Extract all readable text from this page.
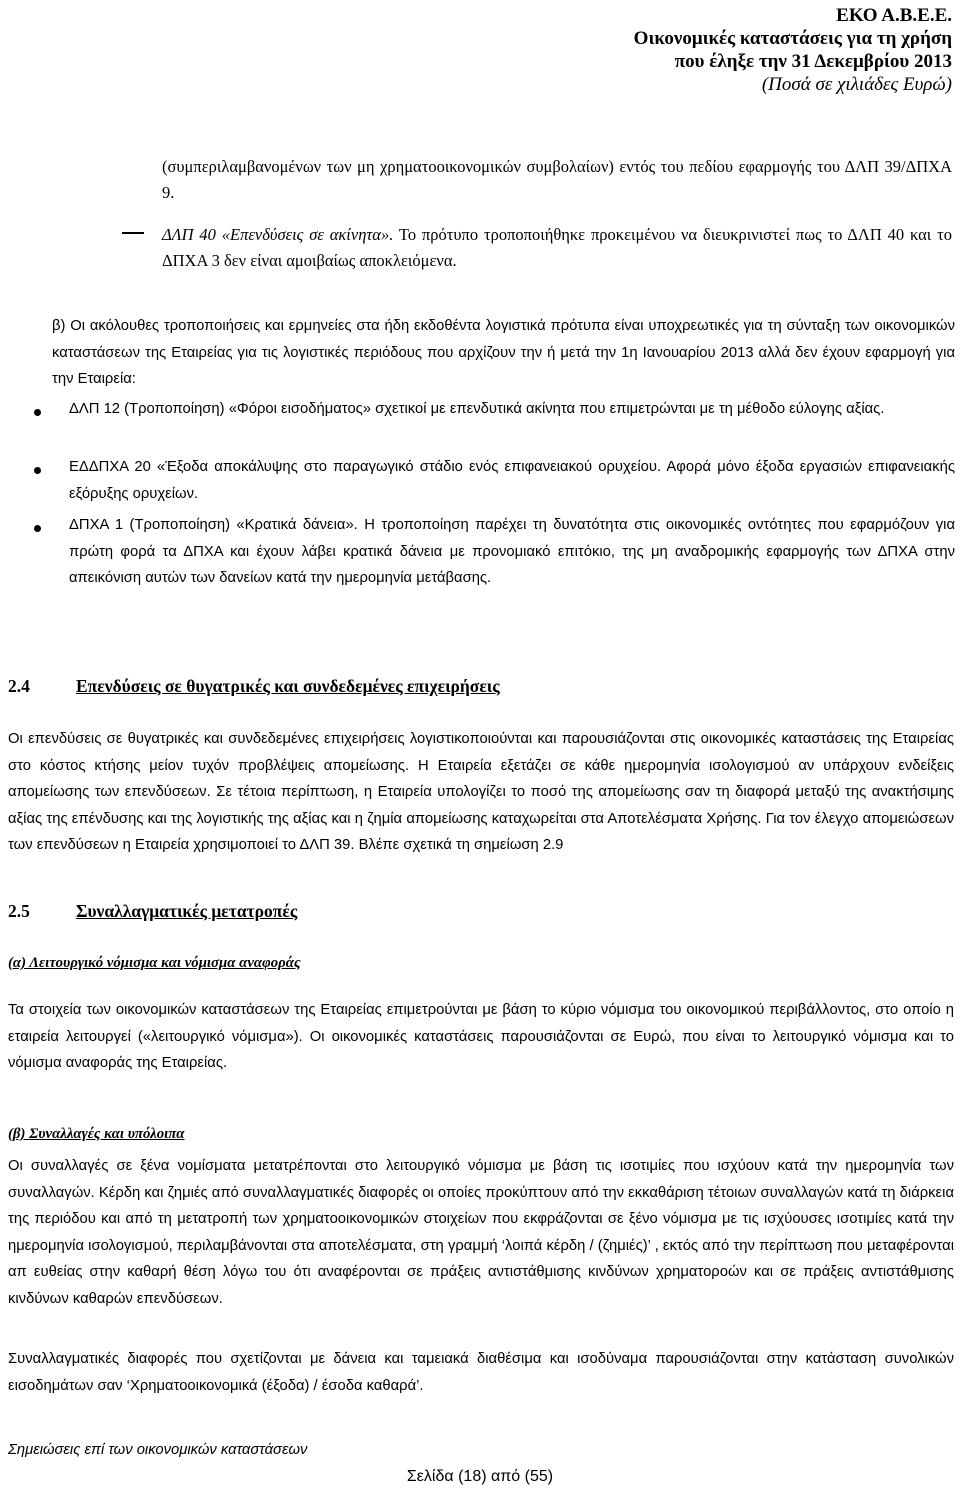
ΕΚΟ Α.Β.Ε.Ε.
Οικονομικές καταστάσεις για τη χρήση
που έληξε την 31 Δεκεμβρίου 2013
(Ποσά σε χιλιάδες Ευρώ)

(συμπεριλαμβανομένων των μη χρηματοοικονομικών συμβολαίων) εντός του πεδίου εφαρμογής του ΔΛΠ 39/ΔΠΧΑ 9.

ΔΛΠ 40 «Επενδύσεις σε ακίνητα». Το πρότυπο τροποποιήθηκε προκειμένου να διευκρινιστεί πως το ΔΛΠ 40 και το ΔΠΧΑ 3 δεν είναι αμοιβαίως αποκλειόμενα.

β) Οι ακόλουθες τροποποιήσεις και ερμηνείες στα ήδη εκδοθέντα λογιστικά πρότυπα είναι υποχρεωτικές για τη σύνταξη των οικονομικών καταστάσεων της Εταιρείας για τις λογιστικές περιόδους που αρχίζουν την ή μετά την 1η Ιανουαρίου 2013 αλλά δεν έχουν εφαρμογή για την Εταιρεία:

ΔΛΠ 12 (Τροποποίηση) «Φόροι εισοδήματος» σχετικοί με επενδυτικά ακίνητα που επιμετρώνται με τη μέθοδο εύλογης αξίας.

ΕΔΔΠΧΑ 20 «Έξοδα αποκάλυψης στο παραγωγικό στάδιο ενός επιφανειακού ορυχείου. Αφορά μόνο έξοδα εργασιών επιφανειακής εξόρυξης ορυχείων.

ΔΠΧΑ 1 (Τροποποίηση) «Κρατικά δάνεια». Η τροποποίηση παρέχει τη δυνατότητα στις οικονομικές οντότητες που εφαρμόζουν για πρώτη φορά τα ΔΠΧΑ και έχουν λάβει κρατικά δάνεια με προνομιακό επιτόκιο, της μη αναδρομικής εφαρμογής των ΔΠΧΑ στην απεικόνιση αυτών των δανείων κατά την ημερομηνία μετάβασης.

2.4	Επενδύσεις σε θυγατρικές και συνδεδεμένες επιχειρήσεις

Οι επενδύσεις σε θυγατρικές και συνδεδεμένες επιχειρήσεις λογιστικοποιούνται και παρουσιάζονται στις οικονομικές καταστάσεις της Εταιρείας στο κόστος κτήσης μείον τυχόν προβλέψεις απομείωσης. Η Εταιρεία εξετάζει σε κάθε ημερομηνία ισολογισμού αν υπάρχουν ενδείξεις απομείωσης των επενδύσεων. Σε τέτοια περίπτωση, η Εταιρεία υπολογίζει το ποσό της απομείωσης σαν τη διαφορά μεταξύ της ανακτήσιμης αξίας της επένδυσης και της λογιστικής της αξίας και η ζημία απομείωσης καταχωρείται στα Αποτελέσματα Χρήσης. Για τον έλεγχο απομειώσεων των επενδύσεων η Εταιρεία χρησιμοποιεί το ΔΛΠ 39. Βλέπε σχετικά τη σημείωση 2.9

2.5	Συναλλαγματικές μετατροπές
(α) Λειτουργικό νόμισμα και νόμισμα αναφοράς

Τα στοιχεία των οικονομικών καταστάσεων της Εταιρείας επιμετρούνται με βάση το κύριο νόμισμα του οικονομικού περιβάλλοντος, στο οποίο η εταιρεία λειτουργεί («λειτουργικό νόμισμα»). Οι οικονομικές καταστάσεις παρουσιάζονται σε Ευρώ, που είναι το λειτουργικό νόμισμα και το νόμισμα αναφοράς της Εταιρείας.

(β) Συναλλαγές και υπόλοιπα

Οι συναλλαγές σε ξένα νομίσματα μετατρέπονται στο λειτουργικό νόμισμα με βάση τις ισοτιμίες που ισχύουν κατά την ημερομηνία των συναλλαγών. Κέρδη και ζημιές από συναλλαγματικές διαφορές οι οποίες προκύπτουν από την εκκαθάριση τέτοιων συναλλαγών κατά τη διάρκεια της περιόδου και από τη μετατροπή των χρηματοοικονομικών στοιχείων που εκφράζονται σε ξένο νόμισμα με τις ισχύουσες ισοτιμίες κατά την ημερομηνία ισολογισμού, περιλαμβάνονται στα αποτελέσματα, στη γραμμή ‘λοιπά κέρδη / (ζημιές)’ , εκτός από την περίπτωση που μεταφέρονται απ ευθείας στην καθαρή θέση λόγω του ότι αναφέρονται σε πράξεις αντιστάθμισης κινδύνων χρηματοροών και σε πράξεις αντιστάθμισης κινδύνων καθαρών επενδύσεων.

Συναλλαγματικές διαφορές που σχετίζονται με δάνεια και ταμειακά διαθέσιμα και ισοδύναμα παρουσιάζονται στην κατάσταση συνολικών εισοδημάτων σαν ‘Χρηματοοικονομικά (έξοδα) / έσοδα καθαρά’.

Σημειώσεις επί των οικονομικών καταστάσεων
Σελίδα (18) από (55)
